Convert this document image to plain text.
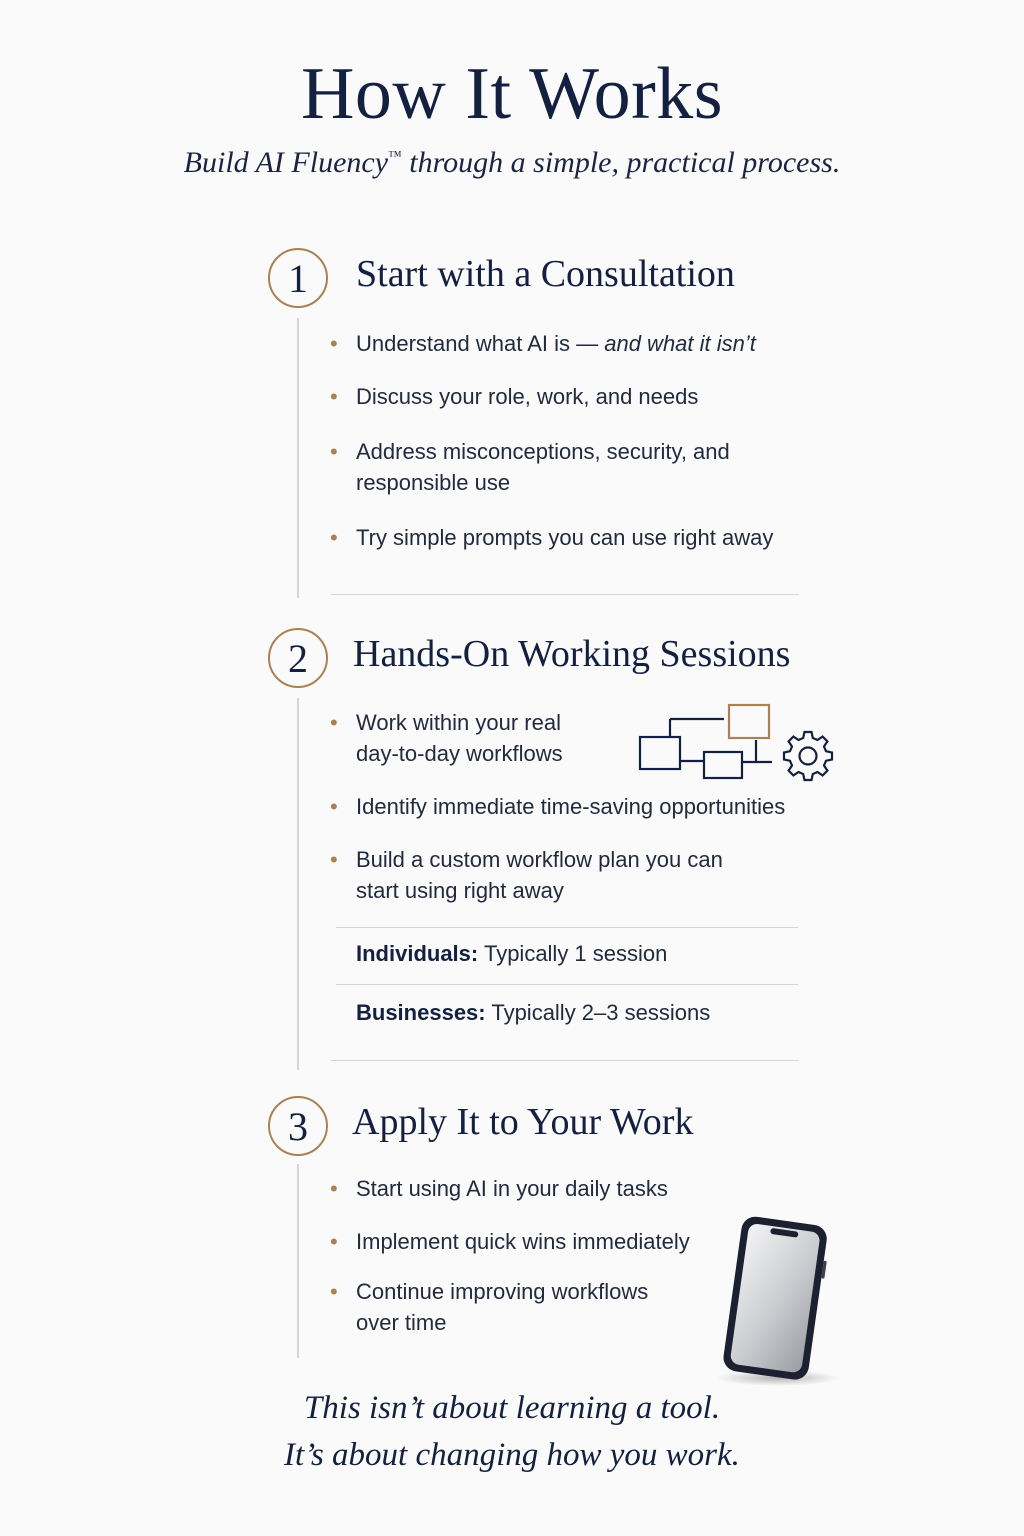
How It Works
Build AI Fluency™ through a simple, practical process.
1	Start with a Consultation
• Understand what AI is — and what it isn’t
• Discuss your role, work, and needs
• Address misconceptions, security, and
responsible use
• Try simple prompts you can use right away
2	Hands-On Working Sessions
• Work within your real
day-to-day workflows
• Identify immediate time-saving opportunities
• Build a custom workflow plan you can
start using right away
Individuals: Typically 1 session
Businesses: Typically 2–3 sessions
3	Apply It to Your Work
• Start using AI in your daily tasks
• Implement quick wins immediately
• Continue improving workflows
over time
This isn’t about learning a tool.
It’s about changing how you work.
